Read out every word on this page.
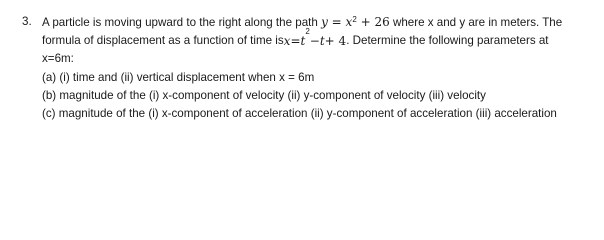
3. A particle is moving upward to the right along the path $y = x^2 + 26$ where x and y are in meters. The
formula of displacement as a function of time is x = t
2
− t + 4 . Determine the following parameters at
x=6m:
(a) (i) time and (ii) vertical displacement when x = 6m
(b) magnitude of the (i) x-component of velocity (ii) y-component of velocity (iii) velocity
(c) magnitude of the (i) x-component of acceleration (ii) y-component of acceleration (iii) acceleration
